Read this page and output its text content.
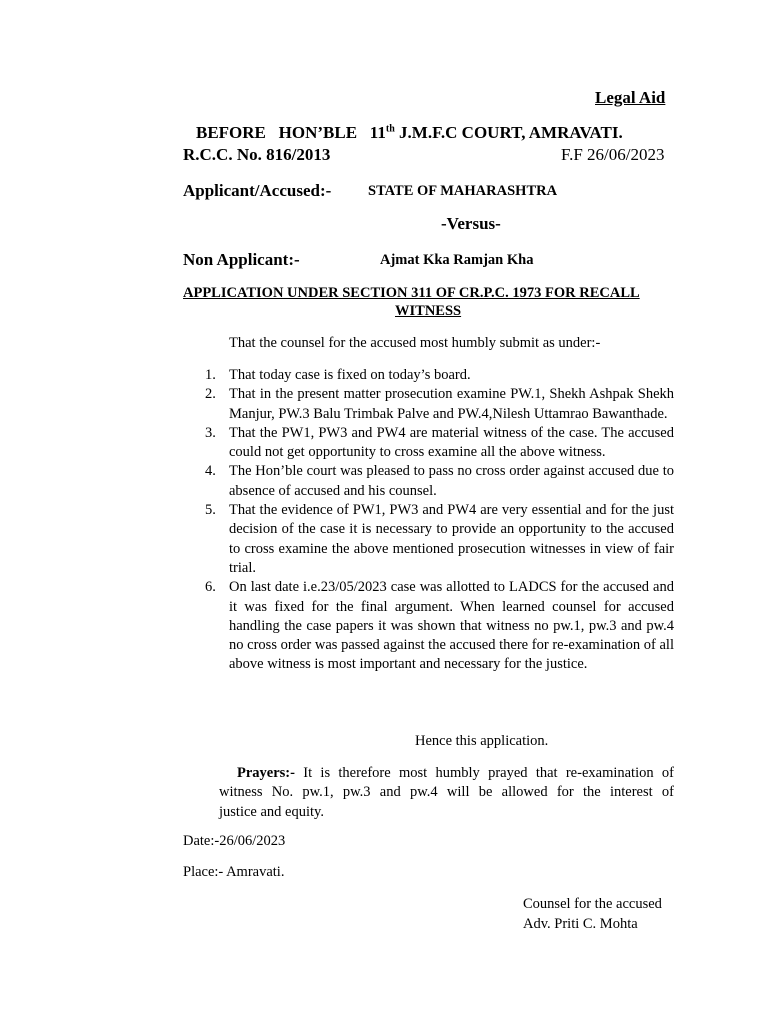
Legal Aid
BEFORE   HON’BLE   11th J.M.F.C COURT, AMRAVATI.
R.C.C. No. 816/2013	F.F 26/06/2023
Applicant/Accused:-	STATE OF MAHARASHTRA
-Versus-
Non Applicant:-	Ajmat Kka Ramjan Kha
APPLICATION UNDER SECTION 311 OF CR.P.C. 1973 FOR RECALL
WITNESS
That the counsel for the accused most humbly submit as under:-
1. That today case is fixed on today’s board.
2. That in the present matter prosecution examine PW.1, Shekh Ashpak Shekh Manjur, PW.3 Balu Trimbak Palve and PW.4,Nilesh Uttamrao Bawanthade.
3. That the PW1, PW3 and PW4 are material witness of the case. The accused could not get opportunity to cross examine all the above witness.
4. The Hon’ble court was pleased to pass no cross order against accused due to absence of accused and his counsel.
5. That the evidence of PW1, PW3 and PW4 are very essential and for the just decision of the case it is necessary to provide an opportunity to the accused to cross examine the above mentioned prosecution witnesses in view of fair trial.
6. On last date i.e.23/05/2023 case was allotted to LADCS for the accused and it was fixed for the final argument. When learned counsel for accused handling the case papers it was shown that witness no pw.1, pw.3 and pw.4 no cross order was passed against the accused there for re-examination of all above witness is most important and necessary for the justice.
Hence this application.
Prayers:- It is therefore most humbly prayed that re-examination of
witness No. pw.1, pw.3 and pw.4 will be allowed for the interest of
justice and equity.
Date:-26/06/2023
Place:- Amravati.
Counsel for the accused
Adv. Priti C. Mohta
